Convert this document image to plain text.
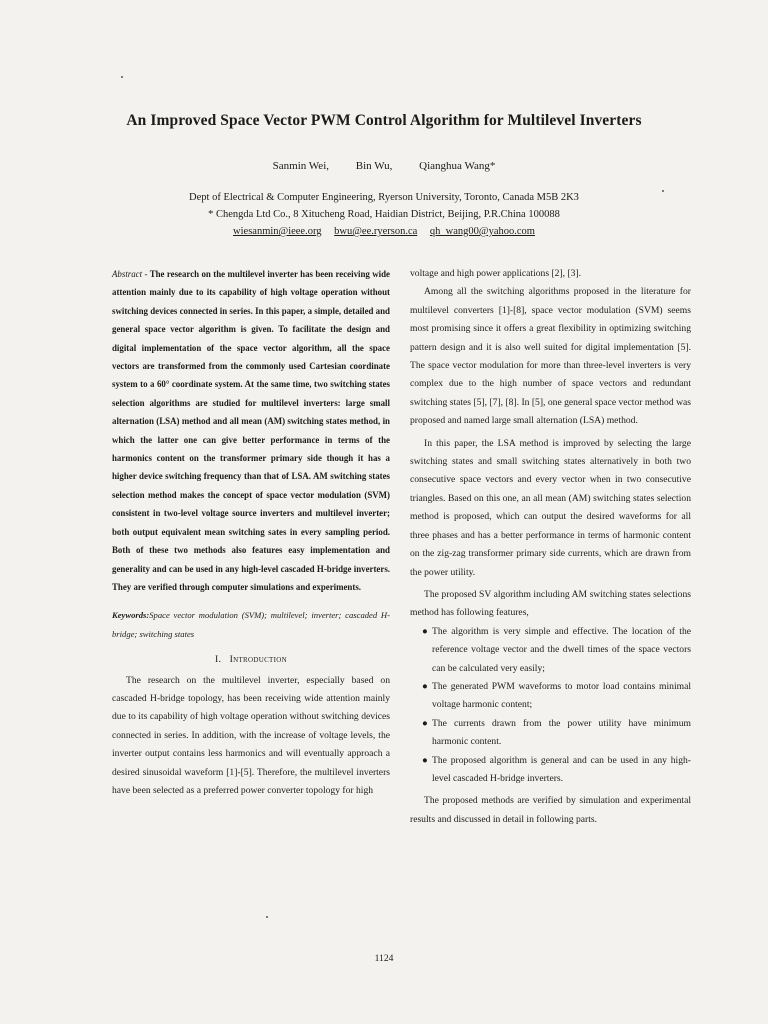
An Improved Space Vector PWM Control Algorithm for Multilevel Inverters
Sanmin Wei, Bin Wu, Qianghua Wang*
Dept of Electrical & Computer Engineering, Ryerson University, Toronto, Canada M5B 2K3
* Chengda Ltd Co., 8 Xitucheng Road, Haidian District, Beijing, P.R.China 100088
wiesanmin@ieee.org bwu@ee.ryerson.ca qh_wang00@yahoo.com

Abstract - The research on the multilevel inverter has been receiving wide attention mainly due to its capability of high voltage operation without switching devices connected in series. In this paper, a simple, detailed and general space vector algorithm is given. To facilitate the design and digital implementation of the space vector algorithm, all the space vectors are transformed from the commonly used Cartesian coordinate system to a 60° coordinate system. At the same time, two switching states selection algorithms are studied for multilevel inverters: large small alternation (LSA) method and all mean (AM) switching states method, in which the latter one can give better performance in terms of the harmonics content on the transformer primary side though it has a higher device switching frequency than that of LSA. AM switching states selection method makes the concept of space vector modulation (SVM) consistent in two-level voltage source inverters and multilevel inverter; both output equivalent mean switching sates in every sampling period. Both of these two methods also features easy implementation and generality and can be used in any high-level cascaded H-bridge inverters. They are verified through computer simulations and experiments.

Keywords:Space vector modulation (SVM); multilevel; inverter; cascaded H-bridge; switching states

I. Introduction

The research on the multilevel inverter, especially based on cascaded H-bridge topology, has been receiving wide attention mainly due to its capability of high voltage operation without switching devices connected in series. In addition, with the increase of voltage levels, the inverter output contains less harmonics and will eventually approach a desired sinusoidal waveform [1]-[5]. Therefore, the multilevel inverters have been selected as a preferred power converter topology for high

voltage and high power applications [2], [3].

Among all the switching algorithms proposed in the literature for multilevel converters [1]-[8], space vector modulation (SVM) seems most promising since it offers a great flexibility in optimizing switching pattern design and it is also well suited for digital implementation [5]. The space vector modulation for more than three-level inverters is very complex due to the high number of space vectors and redundant switching states [5], [7], [8]. In [5], one general space vector method was proposed and named large small alternation (LSA) method.

In this paper, the LSA method is improved by selecting the large switching states and small switching states alternatively in both two consecutive space vectors and every vector when in two consecutive triangles. Based on this one, an all mean (AM) switching states selection method is proposed, which can output the desired waveforms for all three phases and has a better performance in terms of harmonic content on the zig-zag transformer primary side currents, which are drawn from the power utility.

The proposed SV algorithm including AM switching states selections method has following features,

● The algorithm is very simple and effective. The location of the reference voltage vector and the dwell times of the space vectors can be calculated very easily;
● The generated PWM waveforms to motor load contains minimal voltage harmonic content;
● The currents drawn from the power utility have minimum harmonic content.
● The proposed algorithm is general and can be used in any high-level cascaded H-bridge inverters.

The proposed methods are verified by simulation and experimental results and discussed in detail in following parts.

1124
